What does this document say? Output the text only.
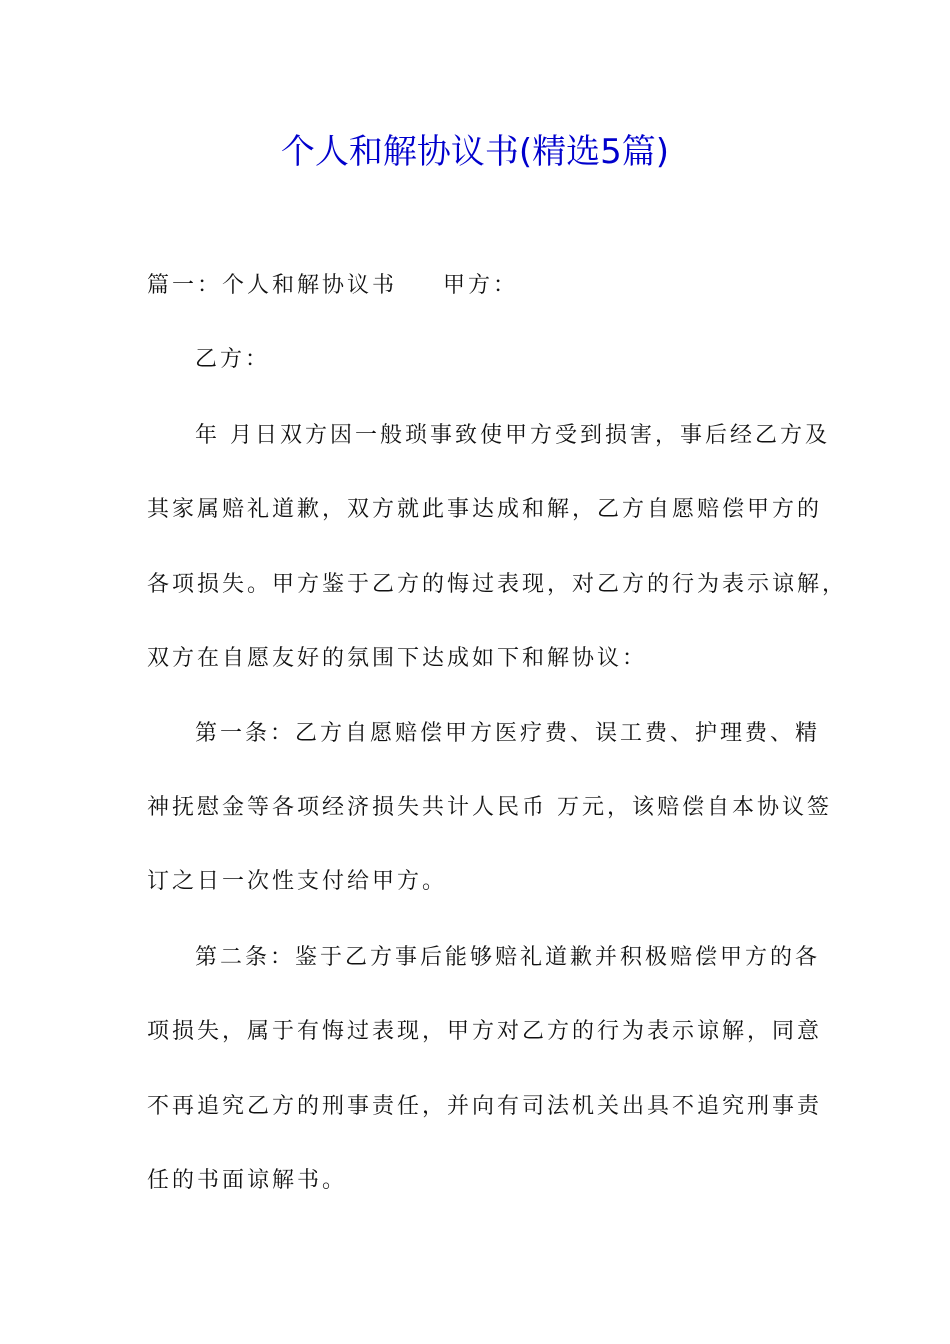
个人和解协议书(精选5篇)
篇一：个人和解协议书 甲方：
乙方：
年 月日双方因一般琐事致使甲方受到损害，事后经乙方及
其家属赔礼道歉，双方就此事达成和解，乙方自愿赔偿甲方的
各项损失。甲方鉴于乙方的悔过表现，对乙方的行为表示谅解，
双方在自愿友好的氛围下达成如下和解协议：
第一条：乙方自愿赔偿甲方医疗费、误工费、护理费、精
神抚慰金等各项经济损失共计人民币 万元，该赔偿自本协议签
订之日一次性支付给甲方。
第二条：鉴于乙方事后能够赔礼道歉并积极赔偿甲方的各
项损失，属于有悔过表现，甲方对乙方的行为表示谅解，同意
不再追究乙方的刑事责任，并向有司法机关出具不追究刑事责
任的书面谅解书。
